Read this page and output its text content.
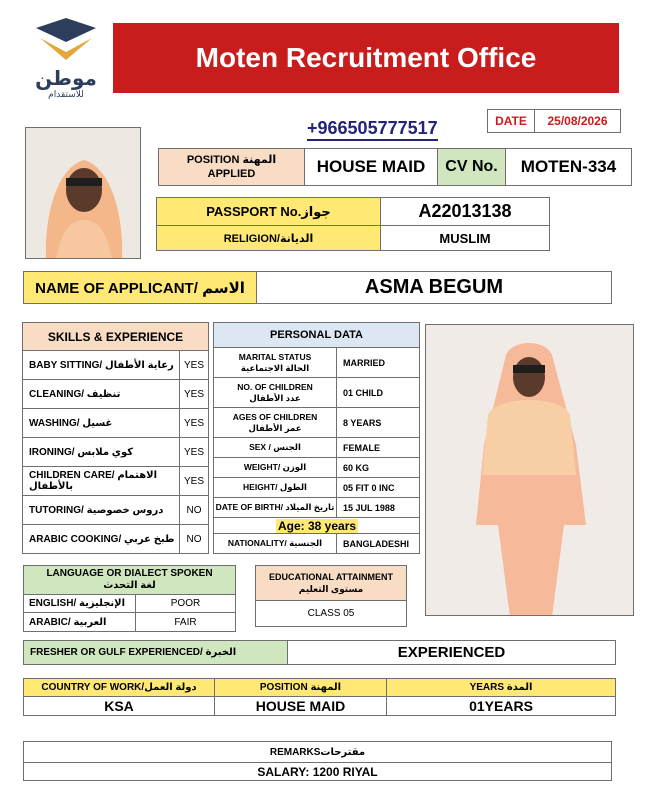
موطن
للاستقدام
Moten Recruitment Office
+966505777517	DATE	25/08/2026
POSITION المهنة
APPLIED	HOUSE MAID	CV No.	MOTEN-334
PASSPORT No.جواز	A22013138
RELIGION/الديانة	MUSLIM
NAME OF APPLICANT/ الاسم	ASMA BEGUM
SKILLS & EXPERIENCE
BABY SITTING/ رعاية الأطفال	YES
CLEANING/ تنظيف	YES
WASHING/ غسيل	YES
IRONING/ كوي ملابس	YES
CHILDREN CARE/ الاهتمام بالأطفال	YES
TUTORING/ دروس خصوصية	NO
ARABIC COOKING/ طبخ عربي	NO
PERSONAL DATA
MARITAL STATUS
الحالة الاجتماعية	MARRIED
NO. OF CHILDREN
عدد الأطفال	01 CHILD
AGES OF CHILDREN
عمر الأطفال	8 YEARS
SEX / الجنس	FEMALE
WEIGHT/ الوزن	60 KG
HEIGHT/ الطول	05 FIT 0 INC
DATE OF BIRTH/ تاريخ الميلاد 15 JUL 1988
Age: 38 years
NATIONALITY/ الجنسية	BANGLADESHI
LANGUAGE OR DIALECT SPOKEN
لغة التحدث
ENGLISH/ الإنجليزية	POOR
ARABIC/ العربية	FAIR
EDUCATIONAL ATTAINMENT
مستوى التعليم
CLASS 05
FRESHER OR GULF EXPERIENCED/ الخبرة	EXPERIENCED
COUNTRY OF WORK/دولة العمل	POSITION المهنة	YEARS المدة
KSA	HOUSE MAID	01YEARS
REMARKSمقترحات
SALARY: 1200 RIYAL
